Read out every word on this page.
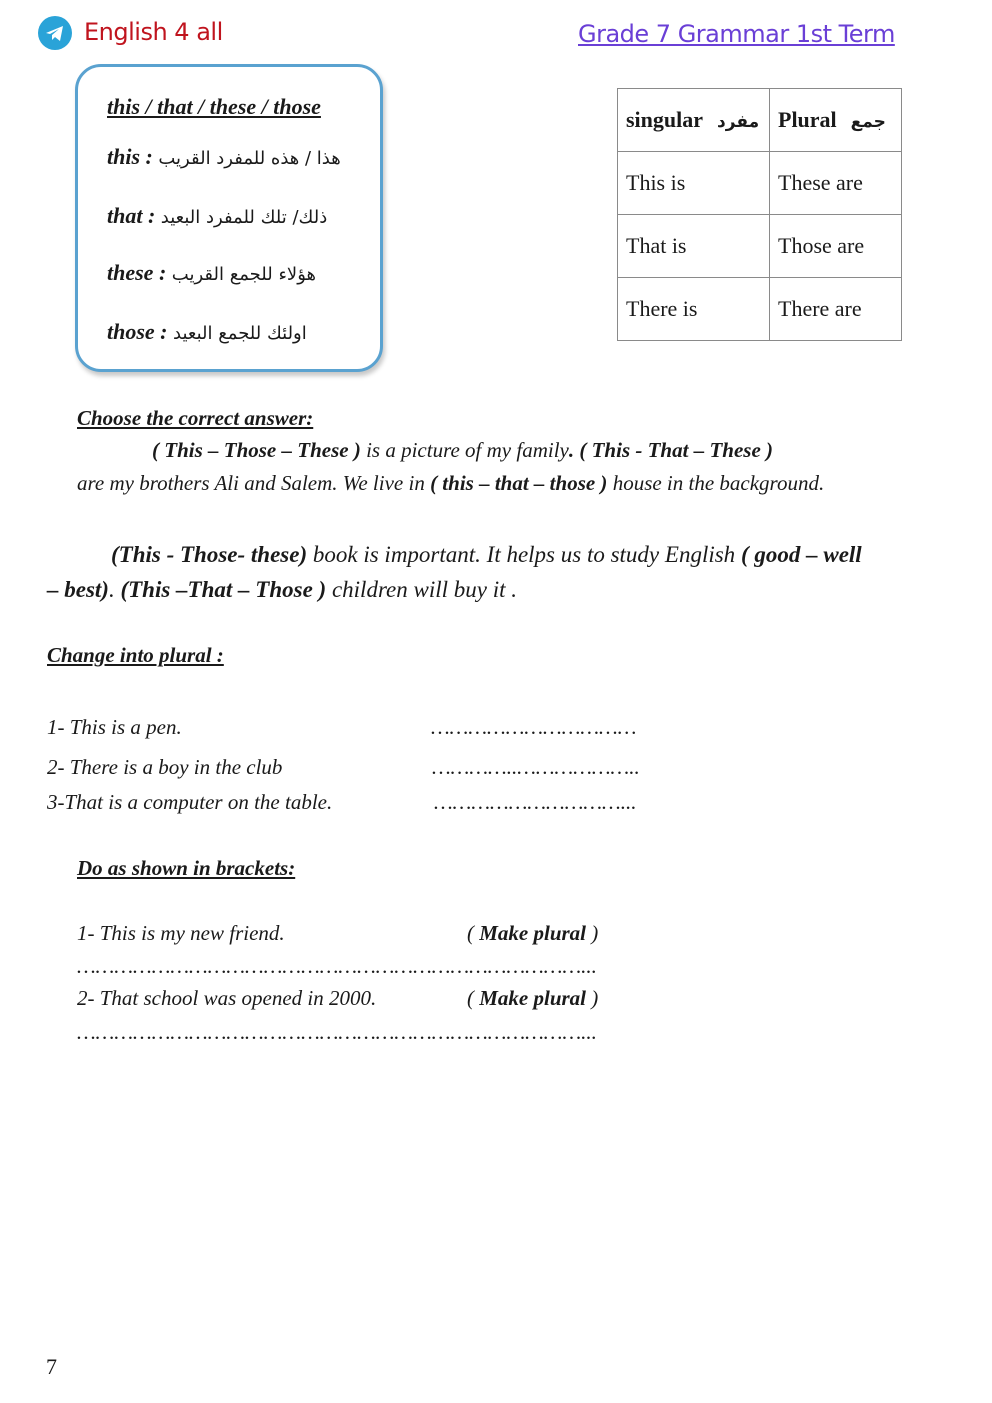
English 4 all	Grade 7 Grammar 1st Term
this / that / these / those
this : هذا / هذه للمفرد القريب
that : ذلك/ تلك للمفرد البعيد
these : هؤلاء للجمع القريب
those : اولئك للجمع البعيد
singular مفرد	Plural جمع
This is	These are
That is	Those are
There is	There are
Choose the correct answer:
( This – Those – These ) is a picture of my family. ( This - That – These )
are my brothers Ali and Salem. We live in ( this – that – those ) house in the background.
(This - Those- these) book is important. It helps us to study English ( good – well
– best). (This –That – Those ) children will buy it .
Change into plural :
1- This is a pen.	……………………………
2- There is a boy in the club	…………..………………..
3-That is a computer on the table.	…………………………...
Do as shown in brackets:
1- This is my new friend.	( Make plural )
………………………………………………………………………...
2- That school was opened in 2000.	( Make plural )
………………………………………………………………………...
7
